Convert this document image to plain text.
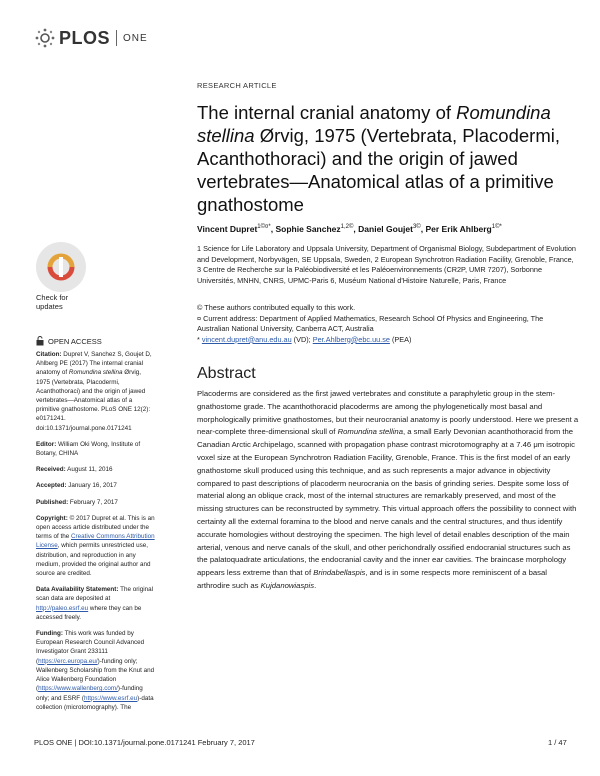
PLOS ONE
RESEARCH ARTICLE
The internal cranial anatomy of Romundina stellina Ørvig, 1975 (Vertebrata, Placodermi, Acanthothoraci) and the origin of jawed vertebrates—Anatomical atlas of a primitive gnathostome
Vincent Dupret$^{1©¤*}$, Sophie Sanchez$^{1,2©}$, Daniel Goujet$^{3©}$, Per Erik Ahlberg$^{1©*}$
1 Science for Life Laboratory and Uppsala University, Department of Organismal Biology, Subdepartment of Evolution and Development, Norbyvägen, SE Uppsala, Sweden, 2 European Synchrotron Radiation Facility, Grenoble, France, 3 Centre de Recherche sur la Paléobiodiversité et les Paléoenvironnements (CR2P, UMR 7207), Sorbonne Universités, MNHN, CNRS, UPMC-Paris 6, Muséum National d'Histoire Naturelle, Paris, France
© These authors contributed equally to this work.
¤ Current address: Department of Applied Mathematics, Research School Of Physics and Engineering, The Australian National University, Canberra ACT, Australia
* vincent.dupret@anu.edu.au (VD); Per.Ahlberg@ebc.uu.se (PEA)
Abstract
Placoderms are considered as the first jawed vertebrates and constitute a paraphyletic group in the stem-gnathostome grade. The acanthothoracid placoderms are among the phylogenetically most basal and morphologically primitive gnathostomes, but their neurocranial anatomy is poorly understood. Here we present a near-complete three-dimensional skull of Romundina stellina, a small Early Devonian acanthothoracid from the Canadian Arctic Archipelago, scanned with propagation phase contrast microtomography at a 7.46 μm isotropic voxel size at the European Synchrotron Radiation Facility, Grenoble, France. This is the first model of an early gnathostome skull produced using this technique, and as such represents a major advance in objectivity compared to past descriptions of placoderm neurocrania on the basis of grinding series. Despite some loss of material along an oblique crack, most of the internal structures are remarkably preserved, and most of the missing structures can be reconstructed by symmetry. This virtual approach offers the possibility to connect with certainty all the external foramina to the blood and nerve canals and the central structures, and thus identify accurate homologies without destroying the specimen. The high level of detail enables description of the main arterial, venous and nerve canals of the skull, and other perichondrally ossified endocranial structures such as the palatoquadrate articulations, the endocranial cavity and the inner ear cavities. The braincase morphology appears less extreme than that of Brindabellaspis, and is in some respects more reminiscent of a basal arthrodire such as Kujdanowiaspis.
Check for updates
OPEN ACCESS

Citation: Dupret V, Sanchez S, Goujet D, Ahlberg PE (2017) The internal cranial anatomy of Romundina stellina Ørvig, 1975 (Vertebrata, Placodermi, Acanthothoraci) and the origin of jawed vertebrates—Anatomical atlas of a primitive gnathostome. PLoS ONE 12(2): e0171241. doi:10.1371/journal.pone.0171241

Editor: William Oki Wong, Institute of Botany, CHINA

Received: August 11, 2016

Accepted: January 16, 2017

Published: February 7, 2017

Copyright: © 2017 Dupret et al. This is an open access article distributed under the terms of the Creative Commons Attribution License, which permits unrestricted use, distribution, and reproduction in any medium, provided the original author and source are credited.

Data Availability Statement: The original scan data are deposited at http://paleo.esrf.eu where they can be accessed freely.

Funding: This work was funded by European Research Council Advanced Investigator Grant 233111 (https://erc.europa.eu/)-funding only; Wallenberg Scholarship from the Knut and Alice Wallenberg Foundation (https://www.wallenberg.com/)-funding only; and ESRF (https://www.esrf.eu)-data collection (microtomography). The

PLOS ONE | DOI:10.1371/journal.pone.0171241 February 7, 2017	1 / 47
